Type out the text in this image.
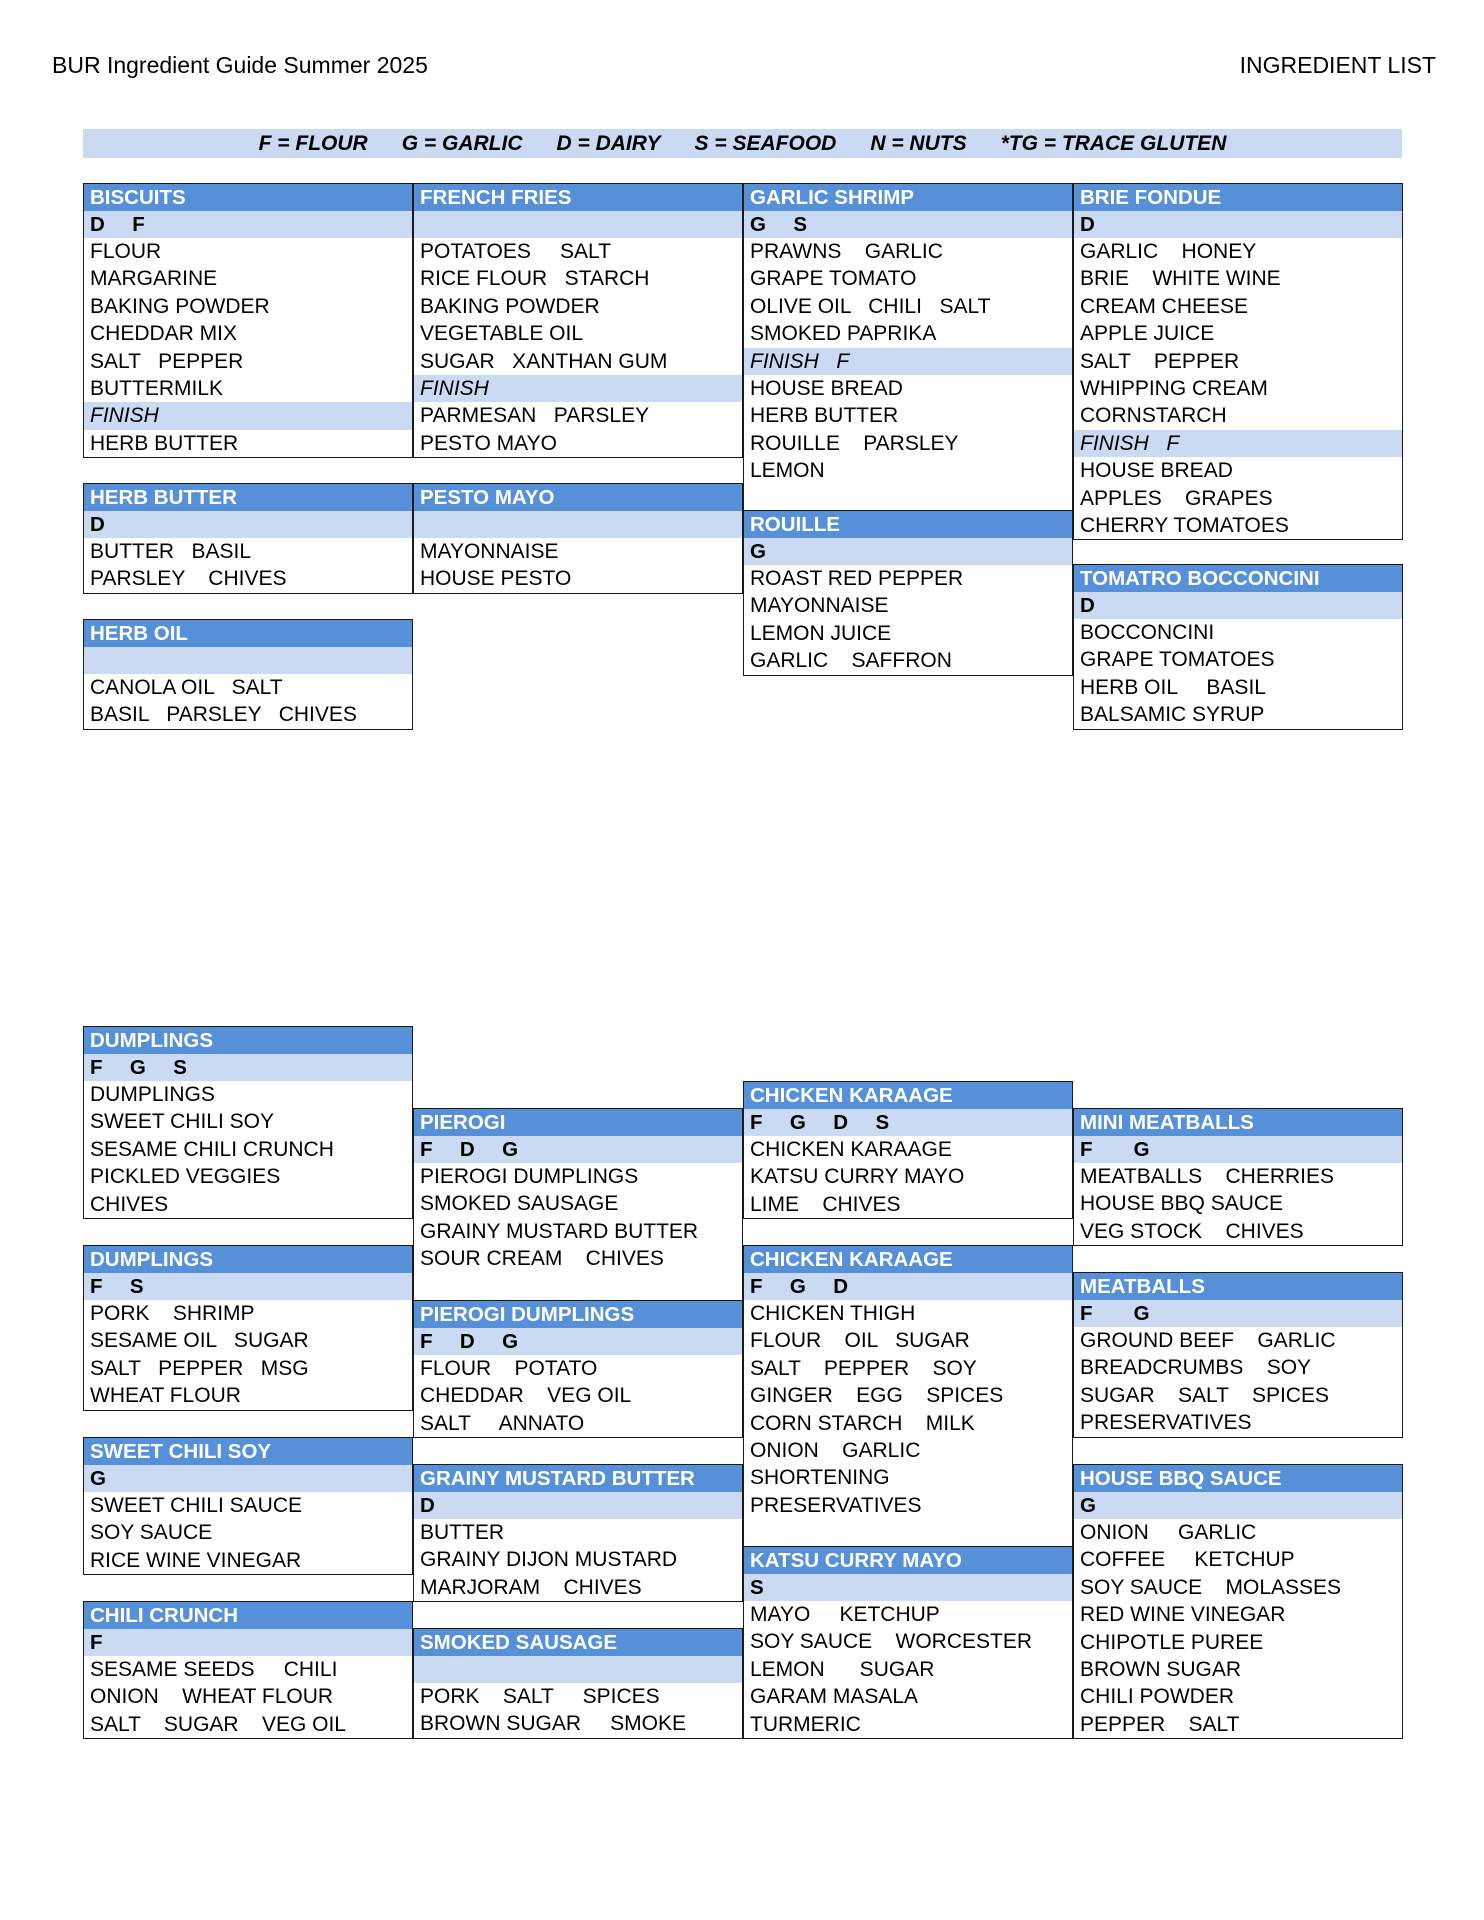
BUR Ingredient Guide Summer 2025	INGREDIENT LIST
F = FLOUR G = GARLIC D = DAIRY S = SEAFOOD N = NUTS *TG = TRACE GLUTEN
BISCUITS
D  F
FLOUR
MARGARINE
BAKING POWDER
CHEDDAR MIX
SALT   PEPPER
BUTTERMILK
FINISH
HERB BUTTER
FRENCH FRIES
POTATOES     SALT
RICE FLOUR   STARCH
BAKING POWDER
VEGETABLE OIL
SUGAR   XANTHAN GUM
FINISH
PARMESAN   PARSLEY
PESTO MAYO
GARLIC SHRIMP
G  S
PRAWNS    GARLIC
GRAPE TOMATO
OLIVE OIL   CHILI   SALT
SMOKED PAPRIKA
FINISH   F
HOUSE BREAD
HERB BUTTER
ROUILLE    PARSLEY
LEMON
BRIE FONDUE
D
GARLIC    HONEY
BRIE    WHITE WINE
CREAM CHEESE
APPLE JUICE
SALT    PEPPER
WHIPPING CREAM
CORNSTARCH
FINISH   F
HOUSE BREAD
APPLES    GRAPES
CHERRY TOMATOES
HERB BUTTER
D
BUTTER   BASIL
PARSLEY    CHIVES
PESTO MAYO
MAYONNAISE
HOUSE PESTO
ROUILLE
G
ROAST RED PEPPER
MAYONNAISE
LEMON JUICE
GARLIC    SAFFRON
TOMATRO BOCCONCINI
D
BOCCONCINI
GRAPE TOMATOES
HERB OIL     BASIL
BALSAMIC SYRUP
HERB OIL
CANOLA OIL   SALT
BASIL   PARSLEY   CHIVES
DUMPLINGS
F  G  S
DUMPLINGS
SWEET CHILI SOY
SESAME CHILI CRUNCH
PICKLED VEGGIES
CHIVES
CHICKEN KARAAGE
F  G  D  S
CHICKEN KARAAGE
KATSU CURRY MAYO
LIME    CHIVES
PIEROGI
F  D  G
PIEROGI DUMPLINGS
SMOKED SAUSAGE
GRAINY MUSTARD BUTTER
SOUR CREAM    CHIVES
MINI MEATBALLS
F   G
MEATBALLS    CHERRIES
HOUSE BBQ SAUCE
VEG STOCK    CHIVES
DUMPLINGS
F  S
PORK    SHRIMP
SESAME OIL   SUGAR
SALT   PEPPER   MSG
WHEAT FLOUR
CHICKEN KARAAGE
F  G  D
CHICKEN THIGH
FLOUR    OIL   SUGAR
SALT    PEPPER    SOY
GINGER    EGG    SPICES
CORN STARCH    MILK
ONION    GARLIC
SHORTENING
PRESERVATIVES
MEATBALLS
F   G
GROUND BEEF    GARLIC
BREADCRUMBS    SOY
SUGAR    SALT    SPICES
PRESERVATIVES
PIEROGI DUMPLINGS
F  D  G
FLOUR    POTATO
CHEDDAR    VEG OIL
SALT     ANNATO
SWEET CHILI SOY
G
SWEET CHILI SAUCE
SOY SAUCE
RICE WINE VINEGAR
GRAINY MUSTARD BUTTER
D
BUTTER
GRAINY DIJON MUSTARD
MARJORAM    CHIVES
HOUSE BBQ SAUCE
G
ONION     GARLIC
COFFEE     KETCHUP
SOY SAUCE    MOLASSES
RED WINE VINEGAR
CHIPOTLE PUREE
BROWN SUGAR
CHILI POWDER
PEPPER    SALT
KATSU CURRY MAYO
S
MAYO     KETCHUP
SOY SAUCE    WORCESTER
LEMON      SUGAR
GARAM MASALA
TURMERIC
CHILI CRUNCH
F
SESAME SEEDS     CHILI
ONION    WHEAT FLOUR
SALT    SUGAR    VEG OIL
SMOKED SAUSAGE
PORK    SALT     SPICES
BROWN SUGAR     SMOKE
